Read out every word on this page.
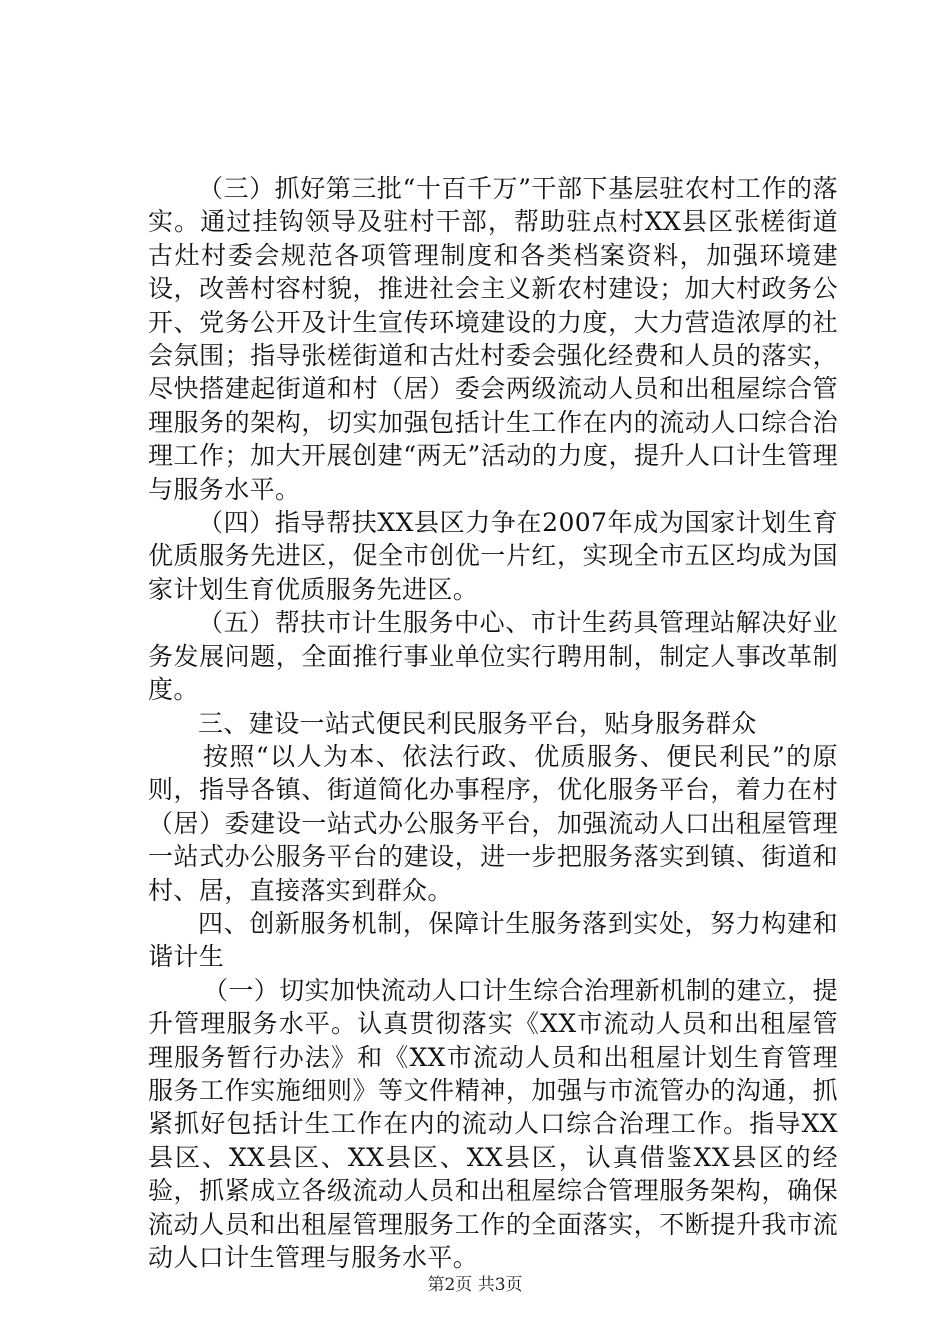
（三）抓好第三批“十百千万”干部下基层驻农村工作的落实。通过挂钩领导及驻村干部，帮助驻点村XX县区张槎街道古灶村委会规范各项管理制度和各类档案资料，加强环境建设，改善村容村貌，推进社会主义新农村建设；加大村政务公开、党务公开及计生宣传环境建设的力度，大力营造浓厚的社会氛围；指导张槎街道和古灶村委会强化经费和人员的落实，尽快搭建起街道和村（居）委会两级流动人员和出租屋综合管理服务的架构，切实加强包括计生工作在内的流动人口综合治理工作；加大开展创建“两无”活动的力度，提升人口计生管理与服务水平。

（四）指导帮扶XX县区力争在2007年成为国家计划生育优质服务先进区，促全市创优一片红，实现全市五区均成为国家计划生育优质服务先进区。

（五）帮扶市计生服务中心、市计生药具管理站解决好业务发展问题，全面推行事业单位实行聘用制，制定人事改革制度。

三、建设一站式便民利民服务平台，贴身服务群众

按照“以人为本、依法行政、优质服务、便民利民”的原则，指导各镇、街道简化办事程序，优化服务平台，着力在村（居）委建设一站式办公服务平台，加强流动人口出租屋管理一站式办公服务平台的建设，进一步把服务落实到镇、街道和村、居，直接落实到群众。

四、创新服务机制，保障计生服务落到实处，努力构建和谐计生

（一）切实加快流动人口计生综合治理新机制的建立，提升管理服务水平。认真贯彻落实《XX市流动人员和出租屋管理服务暂行办法》和《XX市流动人员和出租屋计划生育管理服务工作实施细则》等文件精神，加强与市流管办的沟通，抓紧抓好包括计生工作在内的流动人口综合治理工作。指导XX县区、XX县区、XX县区、XX县区，认真借鉴XX县区的经验，抓紧成立各级流动人员和出租屋综合管理服务架构，确保流动人员和出租屋管理服务工作的全面落实，不断提升我市流动人口计生管理与服务水平。

第2页 共3页
